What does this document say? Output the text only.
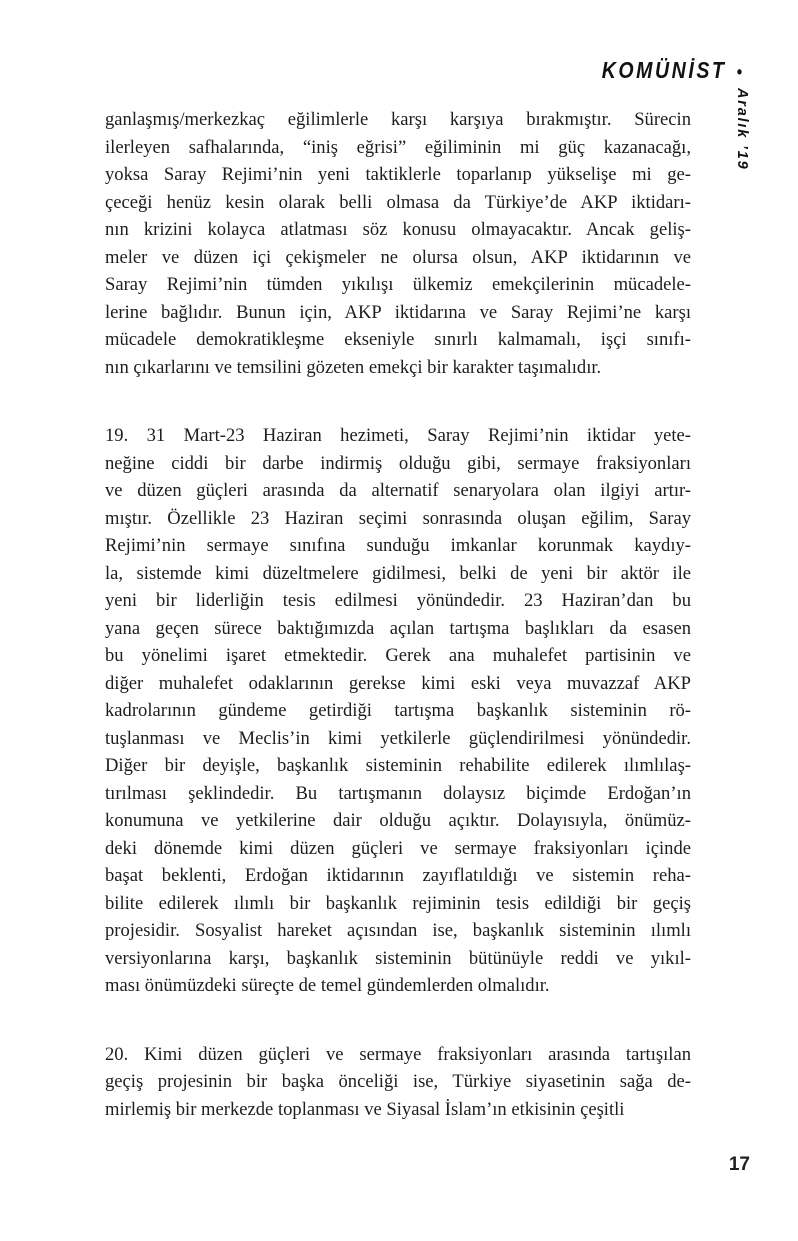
KOMÜNİST •
Aralık ’19

ganlaşmış/merkezkaç eğilimlerle karşı karşıya bırakmıştır. Sürecin
ilerleyen safhalarında, “iniş eğrisi” eğiliminin mi güç kazanacağı,
yoksa Saray Rejimi’nin yeni taktiklerle toparlanıp yükselişe mi ge-
çeceği henüz kesin olarak belli olmasa da Türkiye’de AKP iktidarı-
nın krizini kolayca atlatması söz konusu olmayacaktır. Ancak geliş-
meler ve düzen içi çekişmeler ne olursa olsun, AKP iktidarının ve
Saray Rejimi’nin tümden yıkılışı ülkemiz emekçilerinin mücadele-
lerine bağlıdır. Bunun için, AKP iktidarına ve Saray Rejimi’ne karşı
mücadele demokratikleşme ekseniyle sınırlı kalmamalı, işçi sınıfı-
nın çıkarlarını ve temsilini gözeten emekçi bir karakter taşımalıdır.

19. 31 Mart-23 Haziran hezimeti, Saray Rejimi’nin iktidar yete-
neğine ciddi bir darbe indirmiş olduğu gibi, sermaye fraksiyonları
ve düzen güçleri arasında da alternatif senaryolara olan ilgiyi artır-
mıştır. Özellikle 23 Haziran seçimi sonrasında oluşan eğilim, Saray
Rejimi’nin sermaye sınıfına sunduğu imkanlar korunmak kaydıy-
la, sistemde kimi düzeltmelere gidilmesi, belki de yeni bir aktör ile
yeni bir liderliğin tesis edilmesi yönündedir. 23 Haziran’dan bu
yana geçen sürece baktığımızda açılan tartışma başlıkları da esasen
bu yönelimi işaret etmektedir. Gerek ana muhalefet partisinin ve
diğer muhalefet odaklarının gerekse kimi eski veya muvazzaf AKP
kadrolarının gündeme getirdiği tartışma başkanlık sisteminin rö-
tuşlanması ve Meclis’in kimi yetkilerle güçlendirilmesi yönündedir.
Diğer bir deyişle, başkanlık sisteminin rehabilite edilerek ılımlılaş-
tırılması şeklindedir. Bu tartışmanın dolaysız biçimde Erdoğan’ın
konumuna ve yetkilerine dair olduğu açıktır. Dolayısıyla, önümüz-
deki dönemde kimi düzen güçleri ve sermaye fraksiyonları içinde
başat beklenti, Erdoğan iktidarının zayıflatıldığı ve sistemin reha-
bilite edilerek ılımlı bir başkanlık rejiminin tesis edildiği bir geçiş
projesidir. Sosyalist hareket açısından ise, başkanlık sisteminin ılımlı
versiyonlarına karşı, başkanlık sisteminin bütünüyle reddi ve yıkıl-
ması önümüzdeki süreçte de temel gündemlerden olmalıdır.

20. Kimi düzen güçleri ve sermaye fraksiyonları arasında tartışılan
geçiş projesinin bir başka önceliği ise, Türkiye siyasetinin sağa de-
mirlemiş bir merkezde toplanması ve Siyasal İslam’ın etkisinin çeşitli

17
